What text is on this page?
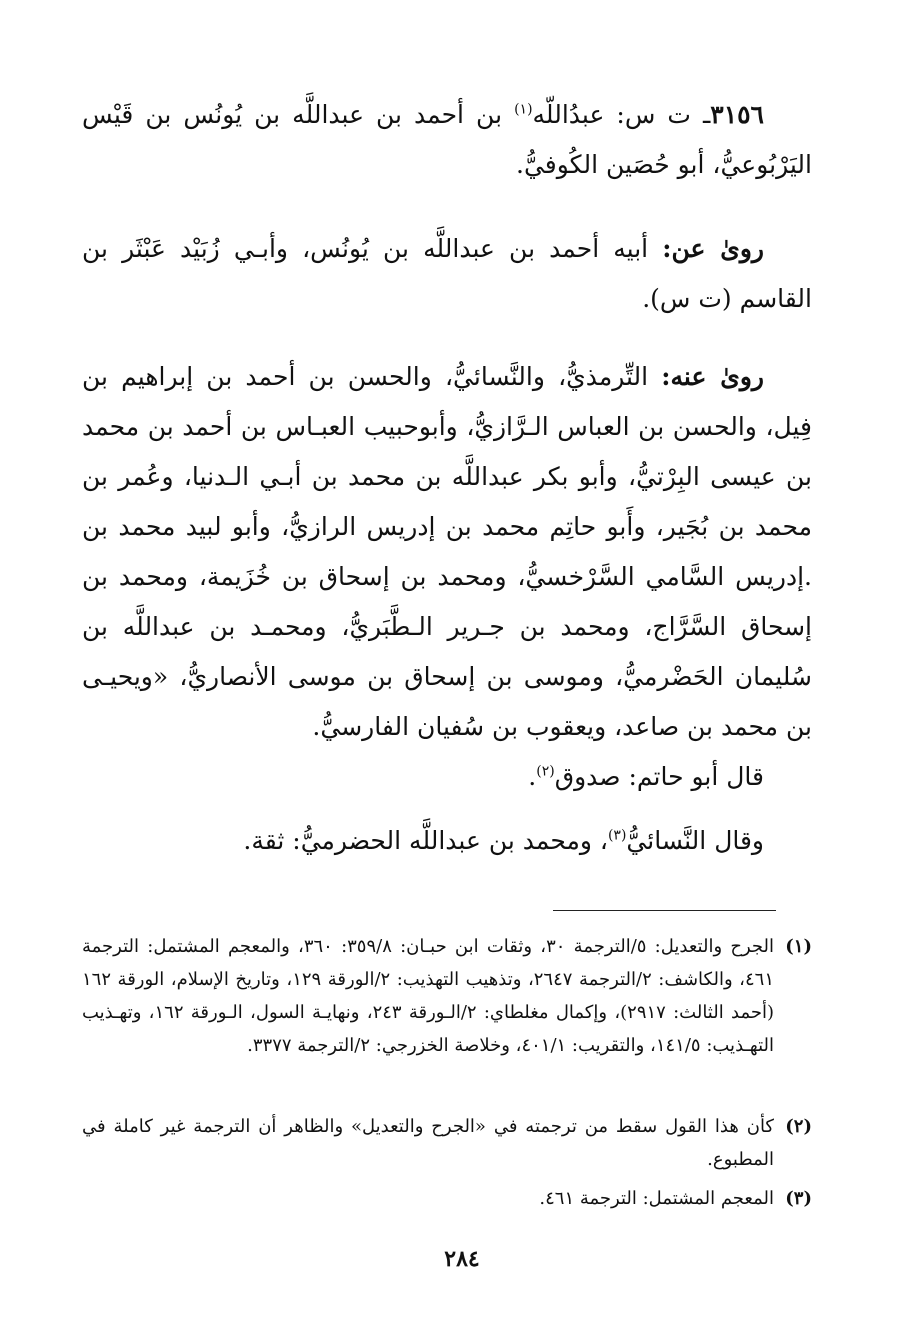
٣١٥٦ـ ت س: عبدُاللّه$^{(١)}$ بن أحمد بن عبداللَّه بن يُونُس بن قَيْس اليَرْبُوعيُّ، أبو حُصَين الكُوفيُّ.
روىٰ عن: أبيه أحمد بن عبداللَّه بن يُونُس، وأبـي زُبَيْد عَبْثَر بن القاسم (ت س).
روىٰ عنه: التِّرمذيُّ، والنَّسائيُّ، والحسن بن أحمد بن إبراهيم بن فِيل، والحسن بن العباس الـرَّازيُّ، وأبوحبيب العبـاس بن أحمد بن محمد بن عيسى البِرْتيُّ، وأبو بكر عبداللَّه بن محمد بن أبـي الـدنيا، وعُمر بن محمد بن بُجَير، وأَبو حاتِم محمد بن إدريس الرازيُّ، وأبو لبيد محمد بن .إدريس السَّامي السَّرْخسيُّ، ومحمد بن إسحاق بن خُزَيمة، ومحمد بن إسحاق السَّرَّاج، ومحمد بن جـرير الـطَّبَريُّ، ومحمـد بن عبداللَّه بن سُليمان الحَضْرميُّ، وموسى بن إسحاق بن موسى الأنصاريُّ، «ويحيـى بن محمد بن صاعد، ويعقوب بن سُفيان الفارسيُّ.
قال أبو حاتم: صدوق$^{(٢)}$.
وقال النَّسائيُّ$^{(٣)}$، ومحمد بن عبداللَّه الحضرميُّ: ثقة.
(١)
الجرح والتعديل: ٥/الترجمة ٣٠، وثقات ابن حبـان: ٣٥٩/٨: ٣٦٠، والمعجم المشتمل: الترجمة ٤٦١، والكاشف: ٢/الترجمة ٢٦٤٧، وتذهيب التهذيب: ٢/الورقة ١٢٩، وتاريخ الإسلام، الورقة ١٦٢ (أحمد الثالث: ٢٩١٧)، وإكمال مغلطاي: ٢/الـورقة ٢٤٣، ونهايـة السول، الـورقة ١٦٢، وتهـذيب التهـذيب: ١٤١/٥، والتقريب: ٤٠١/١، وخلاصة الخزرجي: ٢/الترجمة ٣٣٧٧.
(٢)
كأن هذا القول سقط من ترجمته في «الجرح والتعديل» والظاهر أن الترجمة غير كاملة في المطبوع.
(٣)
المعجم المشتمل: الترجمة ٤٦١.
٢٨٤
